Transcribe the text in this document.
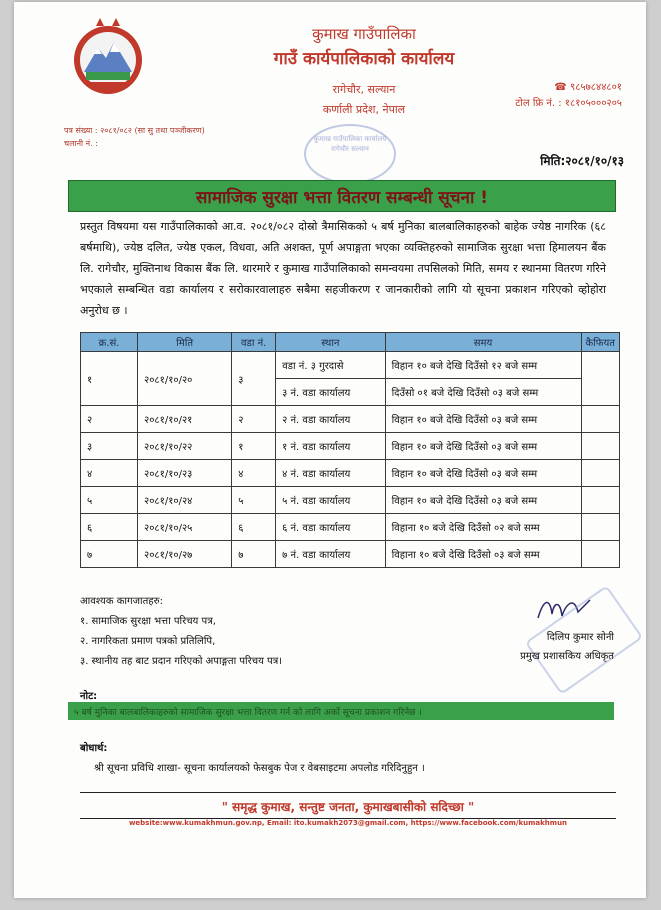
कुमाख गाउँपालिका
गाउँ कार्यपालिकाको कार्यालय
रागेचौर, सल्यान
कर्णाली प्रदेश, नेपाल
☎ ९८५७८४४८०१
टोल फ्रि नं. : १८१०५०००२०५
पत्र संख्या : २०८१/०८२ (सा सु तथा पञ्जीकरण)
चलानी नं. :	कुमाख गाउँपालिका कार्यालय रागेचौर सल्यान
मिति:२०८१/१०/१३
सामाजिक सुरक्षा भत्ता वितरण सम्बन्धी सूचना !
प्रस्तुत विषयमा यस गाउँपालिकाको आ.व. २०८१/०८२ दोस्रो त्रैमासिकको ५ बर्ष मुनिका बालबालिकाहरुको बाहेक ज्येष्ठ नागरिक (६८ बर्षमाथि), ज्येष्ठ दलित, ज्येष्ठ एकल, विधवा, अति अशक्त, पूर्ण अपाङ्गता भएका व्यक्तिहरुको सामाजिक सुरक्षा भत्ता हिमालयन बैंक लि. रागेचौर, मुक्तिनाथ विकास बैंक लि. थारमारे र कुमाख गाउँपालिकाको समन्वयमा तपसिलको मिति, समय र स्थानमा वितरण गरिने भएकाले सम्बन्धित वडा कार्यालय र सरोकारवालाहरु सबैमा सहजीकरण र जानकारीको लागि यो सूचना प्रकाशन गरिएको व्होहोरा अनुरोध छ ।
क्र.सं.	मिति	वडा नं.	स्थान	समय	कैफियत
१	२०८१/१०/२०	३	वडा नं. ३ गुरदासे	विहान १० बजे देखि दिउँसो १२ बजे सम्म	
			३ नं. वडा कार्यालय	दिउँसो ०१ बजे देखि दिउँसो ०३ बजे सम्म	
२	२०८१/१०/२१	२	२ नं. वडा कार्यालय	विहान १० बजे देखि दिउँसो ०३ बजे सम्म	
३	२०८१/१०/२२	१	१ नं. वडा कार्यालय	विहान १० बजे देखि दिउँसो ०३ बजे सम्म	
४	२०८१/१०/२३	४	४ नं. वडा कार्यालय	विहान १० बजे देखि दिउँसो ०३ बजे सम्म	
५	२०८१/१०/२४	५	५ नं. वडा कार्यालय	विहान १० बजे देखि दिउँसो ०३ बजे सम्म	
६	२०८१/१०/२५	६	६ नं. वडा कार्यालय	विहाना १० बजे देखि दिउँसो ०२ बजे सम्म	
७	२०८१/१०/२७	७	७ नं. वडा कार्यालय	विहाना १० बजे देखि दिउँसो ०३ बजे सम्म	
आवश्यक कागजातहरु:
१. सामाजिक सुरक्षा भत्ता परिचय पत्र,
२. नागरिकता प्रमाण पत्रको प्रतिलिपि,
३. स्थानीय तह बाट प्रदान गरिएको अपाङ्गता परिचय पत्र।
दिलिप कुमार सोनी
प्रमुख प्रशासकिय अधिकृत
नोट:
५ बर्ष मुनिका बालबालिकाहरुको सामाजिक सुरक्षा भत्ता वितरण गर्न को लागि अर्को सूचना प्रकाशन गरिनेछ ।
बोधार्थ:
श्री सूचना प्रविधि शाखा- सूचना कार्यालयको फेसबुक पेज र वेबसाइटमा अपलोड गरिदिनुहुन ।
" समृद्ध कुमाख, सन्तुष्ट जनता, कुमाखबासीको सदिच्छा "
website:www.kumakhmun.gov.np, Email: ito.kumakh2073@gmail.com, https://www.facebook.com/kumakhmun
